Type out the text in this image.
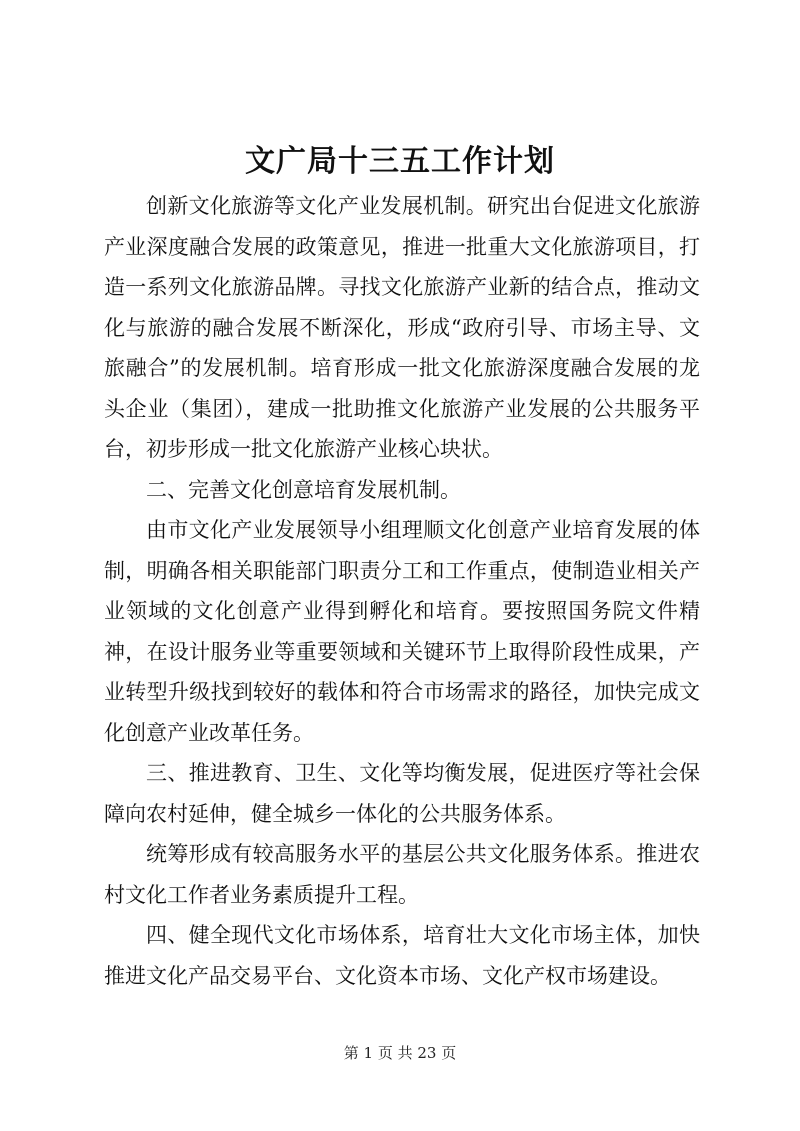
文广局十三五工作计划

创新文化旅游等文化产业发展机制。研究出台促进文化旅游产业深度融合发展的政策意见，推进一批重大文化旅游项目，打造一系列文化旅游品牌。寻找文化旅游产业新的结合点，推动文化与旅游的融合发展不断深化，形成“政府引导、市场主导、文旅融合”的发展机制。培育形成一批文化旅游深度融合发展的龙头企业（集团），建成一批助推文化旅游产业发展的公共服务平台，初步形成一批文化旅游产业核心块状。

二、完善文化创意培育发展机制。

由市文化产业发展领导小组理顺文化创意产业培育发展的体制，明确各相关职能部门职责分工和工作重点，使制造业相关产业领域的文化创意产业得到孵化和培育。要按照国务院文件精神，在设计服务业等重要领域和关键环节上取得阶段性成果，产业转型升级找到较好的载体和符合市场需求的路径，加快完成文化创意产业改革任务。

三、推进教育、卫生、文化等均衡发展，促进医疗等社会保障向农村延伸，健全城乡一体化的公共服务体系。

统筹形成有较高服务水平的基层公共文化服务体系。推进农村文化工作者业务素质提升工程。

四、健全现代文化市场体系，培育壮大文化市场主体，加快推进文化产品交易平台、文化资本市场、文化产权市场建设。

第 1 页 共 23 页
